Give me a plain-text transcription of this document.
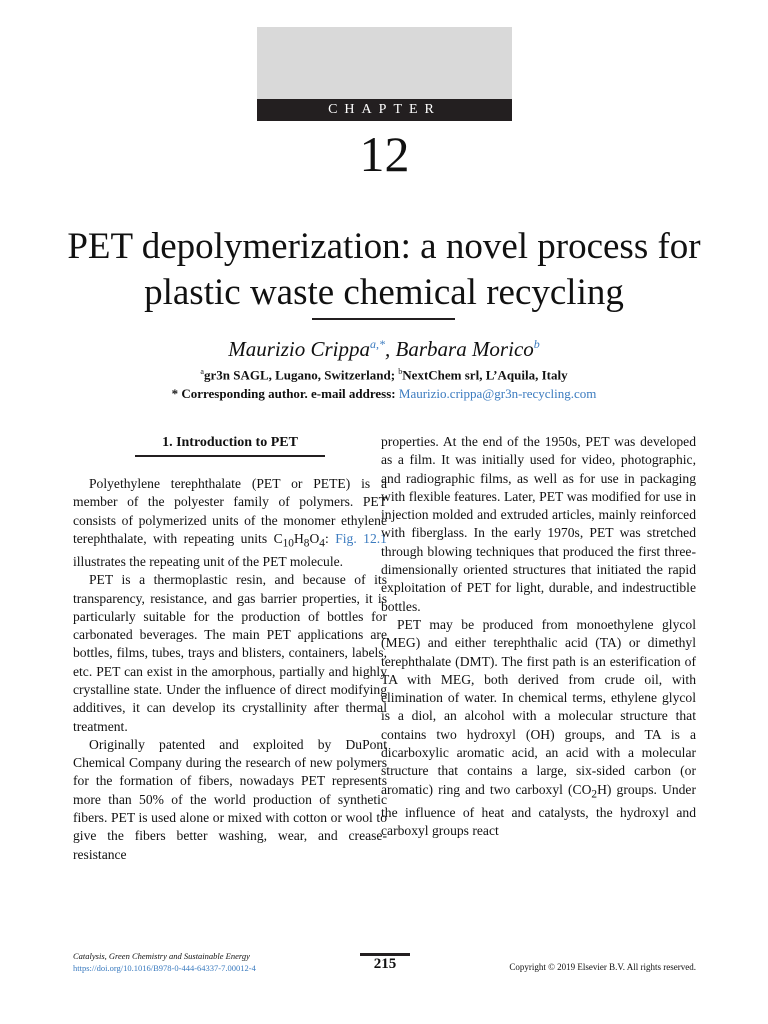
CHAPTER
12
PET depolymerization: a novel process for
plastic waste chemical recycling
Maurizio Crippa$^{a,*}$, Barbara Morico$^b$
$^a$gr3n SAGL, Lugano, Switzerland; $^b$NextChem srl, L’Aquila, Italy
* Corresponding author. e-mail address: Maurizio.crippa@gr3n-recycling.com
1. Introduction to PET

Polyethylene terephthalate (PET or PETE) is a member of the polyester family of polymers. PET consists of polymerized units of the monomer ethylene terephthalate, with repeating units $C_{10}H_8O_4$: Fig. 12.1 illustrates the repeating unit of the PET molecule.

PET is a thermoplastic resin, and because of its transparency, resistance, and gas barrier properties, it is particularly suitable for the production of bottles for carbonated beverages. The main PET applications are bottles, films, tubes, trays and blisters, containers, labels, etc. PET can exist in the amorphous, partially and highly crystalline state. Under the influence of direct modifying additives, it can develop its crystallinity after thermal treatment.

Originally patented and exploited by DuPont Chemical Company during the research of new polymers for the formation of fibers, nowadays PET represents more than 50% of the world production of synthetic fibers. PET is used alone or mixed with cotton or wool to give the fibers better washing, wear, and crease-resistance

properties. At the end of the 1950s, PET was developed as a film. It was initially used for video, photographic, and radiographic films, as well as for use in packaging with flexible features. Later, PET was modified for use in injection molded and extruded articles, mainly reinforced with fiberglass. In the early 1970s, PET was stretched through blowing techniques that produced the first three-dimensionally oriented structures that initiated the rapid exploitation of PET for light, durable, and indestructible bottles.

PET may be produced from monoethylene glycol (MEG) and either terephthalic acid (TA) or dimethyl terephthalate (DMT). The first path is an esterification of TA with MEG, both derived from crude oil, with elimination of water. In chemical terms, ethylene glycol is a diol, an alcohol with a molecular structure that contains two hydroxyl (OH) groups, and TA is a dicarboxylic aromatic acid, an acid with a molecular structure that contains a large, six-sided carbon (or aromatic) ring and two carboxyl $(CO_2H)$ groups. Under the influence of heat and catalysts, the hydroxyl and carboxyl groups react

Catalysis, Green Chemistry and Sustainable Energy
https://doi.org/10.1016/B978-0-444-64337-7.00012-4	215	Copyright © 2019 Elsevier B.V. All rights reserved.
